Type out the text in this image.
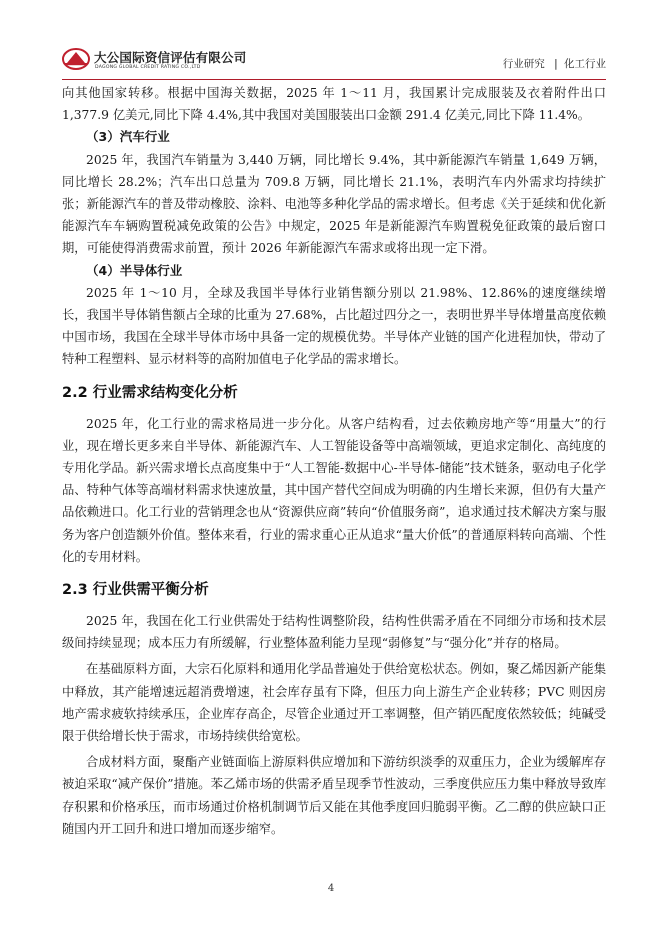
大公国际资信评估有限公司
DAGONG GLOBAL CREDIT RATING CO.,LTD	行业研究 | 化工行业

向其他国家转移。根据中国海关数据，2025 年 1～11 月，我国累计完成服装及衣着附件出口 1,377.9 亿美元,同比下降 4.4%,其中我国对美国服装出口金额 291.4 亿美元,同比下降 11.4%。

（3）汽车行业

2025 年，我国汽车销量为 3,440 万辆，同比增长 9.4%，其中新能源汽车销量 1,649 万辆，同比增长 28.2%；汽车出口总量为 709.8 万辆，同比增长 21.1%，表明汽车内外需求均持续扩张；新能源汽车的普及带动橡胶、涂料、电池等多种化学品的需求增长。但考虑《关于延续和优化新能源汽车车辆购置税减免政策的公告》中规定，2025 年是新能源汽车购置税免征政策的最后窗口期，可能使得消费需求前置，预计 2026 年新能源汽车需求或将出现一定下滑。

（4）半导体行业

2025 年 1～10 月，全球及我国半导体行业销售额分别以 21.98%、12.86%的速度继续增长，我国半导体销售额占全球的比重为 27.68%，占比超过四分之一，表明世界半导体增量高度依赖中国市场，我国在全球半导体市场中具备一定的规模优势。半导体产业链的国产化进程加快，带动了特种工程塑料、显示材料等的高附加值电子化学品的需求增长。

2.2 行业需求结构变化分析

2025 年，化工行业的需求格局进一步分化。从客户结构看，过去依赖房地产等“用量大”的行业，现在增长更多来自半导体、新能源汽车、人工智能设备等中高端领域，更追求定制化、高纯度的专用化学品。新兴需求增长点高度集中于“人工智能-数据中心-半导体-储能”技术链条，驱动电子化学品、特种气体等高端材料需求快速放量，其中国产替代空间成为明确的内生增长来源，但仍有大量产品依赖进口。化工行业的营销理念也从“资源供应商”转向“价值服务商”，追求通过技术解决方案与服务为客户创造额外价值。整体来看，行业的需求重心正从追求“量大价低”的普通原料转向高端、个性化的专用材料。

2.3 行业供需平衡分析

2025 年，我国在化工行业供需处于结构性调整阶段，结构性供需矛盾在不同细分市场和技术层级间持续显现；成本压力有所缓解，行业整体盈利能力呈现“弱修复”与“强分化”并存的格局。

在基础原料方面，大宗石化原料和通用化学品普遍处于供给宽松状态。例如，聚乙烯因新产能集中释放，其产能增速远超消费增速，社会库存虽有下降，但压力向上游生产企业转移；PVC 则因房地产需求疲软持续承压，企业库存高企，尽管企业通过开工率调整，但产销匹配度依然较低；纯碱受限于供给增长快于需求，市场持续供给宽松。

合成材料方面，聚酯产业链面临上游原料供应增加和下游纺织淡季的双重压力，企业为缓解库存被迫采取“减产保价”措施。苯乙烯市场的供需矛盾呈现季节性波动，三季度供应压力集中释放导致库存积累和价格承压，而市场通过价格机制调节后又能在其他季度回归脆弱平衡。乙二醇的供应缺口正随国内开工回升和进口增加而逐步缩窄。

4
